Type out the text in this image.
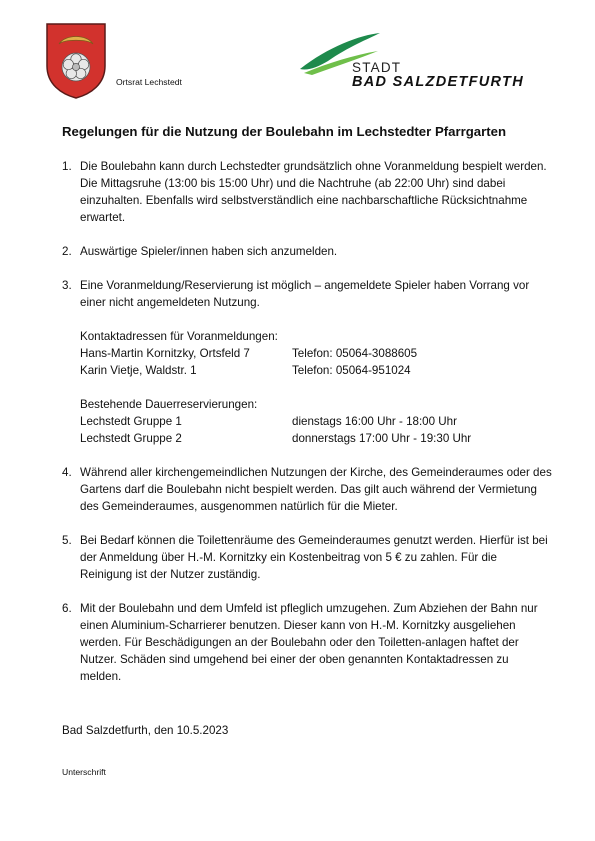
Ortsrat Lechstedt
STADT
BAD SALZDETFURTH
Regelungen für die Nutzung der Boulebahn im Lechstedter Pfarrgarten
1. Die Boulebahn kann durch Lechstedter grundsätzlich ohne Voranmeldung bespielt werden. Die Mittagsruhe (13:00 bis 15:00 Uhr) und die Nachtruhe (ab 22:00 Uhr) sind dabei einzuhalten. Ebenfalls wird selbstverständlich eine nachbarschaftliche Rücksichtnahme erwartet.
2. Auswärtige Spieler/innen haben sich anzumelden.
3. Eine Voranmeldung/Reservierung ist möglich – angemeldete Spieler haben Vorrang vor einer nicht angemeldeten Nutzung.
Kontaktadressen für Voranmeldungen:
Hans-Martin Kornitzky, Ortsfeld 7	Telefon: 05064-3088605
Karin Vietje, Waldstr. 1	Telefon: 05064-951024
Bestehende Dauerreservierungen:
Lechstedt Gruppe 1	dienstags 16:00 Uhr - 18:00 Uhr
Lechstedt Gruppe 2	donnerstags 17:00 Uhr - 19:30 Uhr
4. Während aller kirchengemeindlichen Nutzungen der Kirche, des Gemeinderaumes oder des Gartens darf die Boulebahn nicht bespielt werden. Das gilt auch während der Vermietung des Gemeinderaumes, ausgenommen natürlich für die Mieter.
5. Bei Bedarf können die Toilettenräume des Gemeinderaumes genutzt werden. Hierfür ist bei der Anmeldung über H.-M. Kornitzky ein Kostenbeitrag von 5 € zu zahlen. Für die Reinigung ist der Nutzer zuständig.
6. Mit der Boulebahn und dem Umfeld ist pfleglich umzugehen. Zum Abziehen der Bahn nur einen Aluminium-Scharrierer benutzen. Dieser kann von H.-M. Kornitzky ausgeliehen werden. Für Beschädigungen an der Boulebahn oder den Toiletten-anlagen haftet der Nutzer. Schäden sind umgehend bei einer der oben genannten Kontaktadressen zu melden.
Bad Salzdetfurth, den 10.5.2023
Unterschrift
